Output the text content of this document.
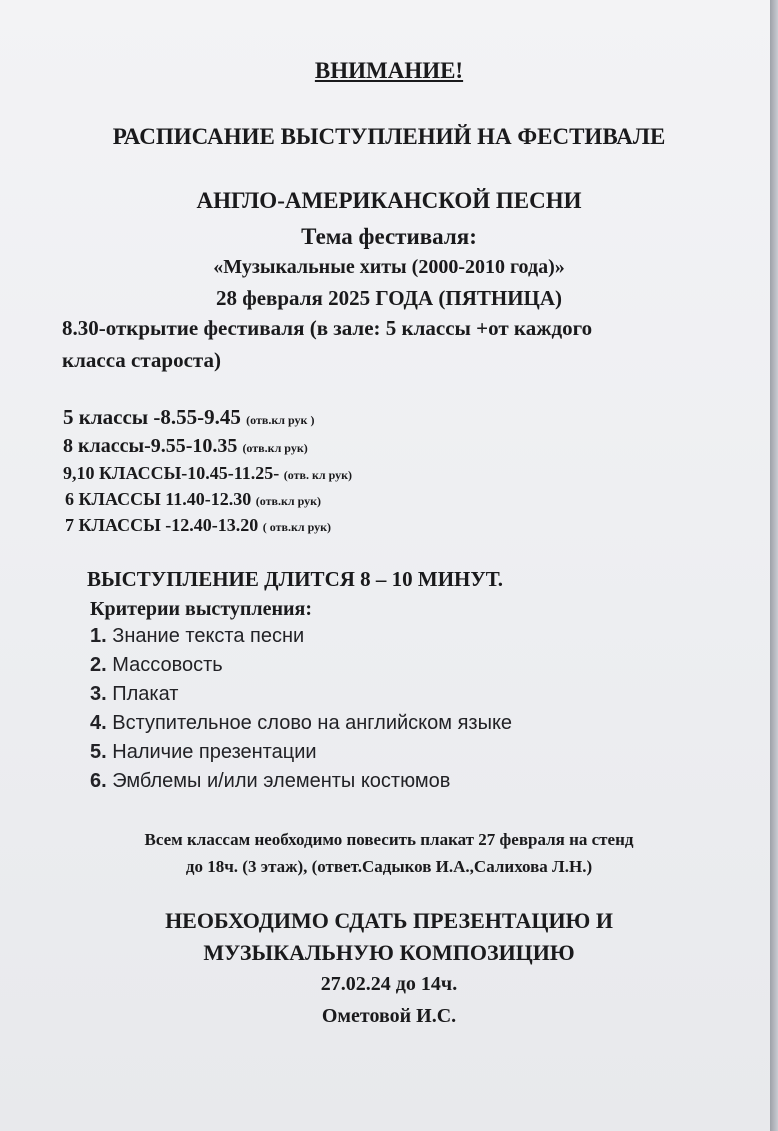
ВНИМАНИЕ!
РАСПИСАНИЕ ВЫСТУПЛЕНИЙ НА ФЕСТИВАЛЕ
АНГЛО-АМЕРИКАНСКОЙ ПЕСНИ
Тема фестиваля:
«Музыкальные хиты (2000-2010 года)»
28 февраля 2025 ГОДА (ПЯТНИЦА)
8.30-открытие фестиваля (в зале: 5 классы +от каждого
класса староста)
5 классы -8.55-9.45 (отв.кл рук )
8 классы-9.55-10.35 (отв.кл рук)
9,10 КЛАССЫ-10.45-11.25- (отв. кл рук)
6 КЛАССЫ 11.40-12.30 (отв.кл рук)
7 КЛАССЫ -12.40-13.20 ( отв.кл рук)
ВЫСТУПЛЕНИЕ ДЛИТСЯ 8 – 10 МИНУТ.
Критерии выступления:
1. Знание текста песни
2. Массовость
3. Плакат
4. Вступительное слово на английском языке
5. Наличие презентации
6. Эмблемы и/или элементы костюмов
Всем классам необходимо повесить плакат 27 февраля на стенд
до 18ч. (3 этаж), (ответ.Садыков И.А.,Салихова Л.Н.)
НЕОБХОДИМО СДАТЬ ПРЕЗЕНТАЦИЮ И
МУЗЫКАЛЬНУЮ КОМПОЗИЦИЮ
27.02.24 до 14ч.
Ометовой И.С.
